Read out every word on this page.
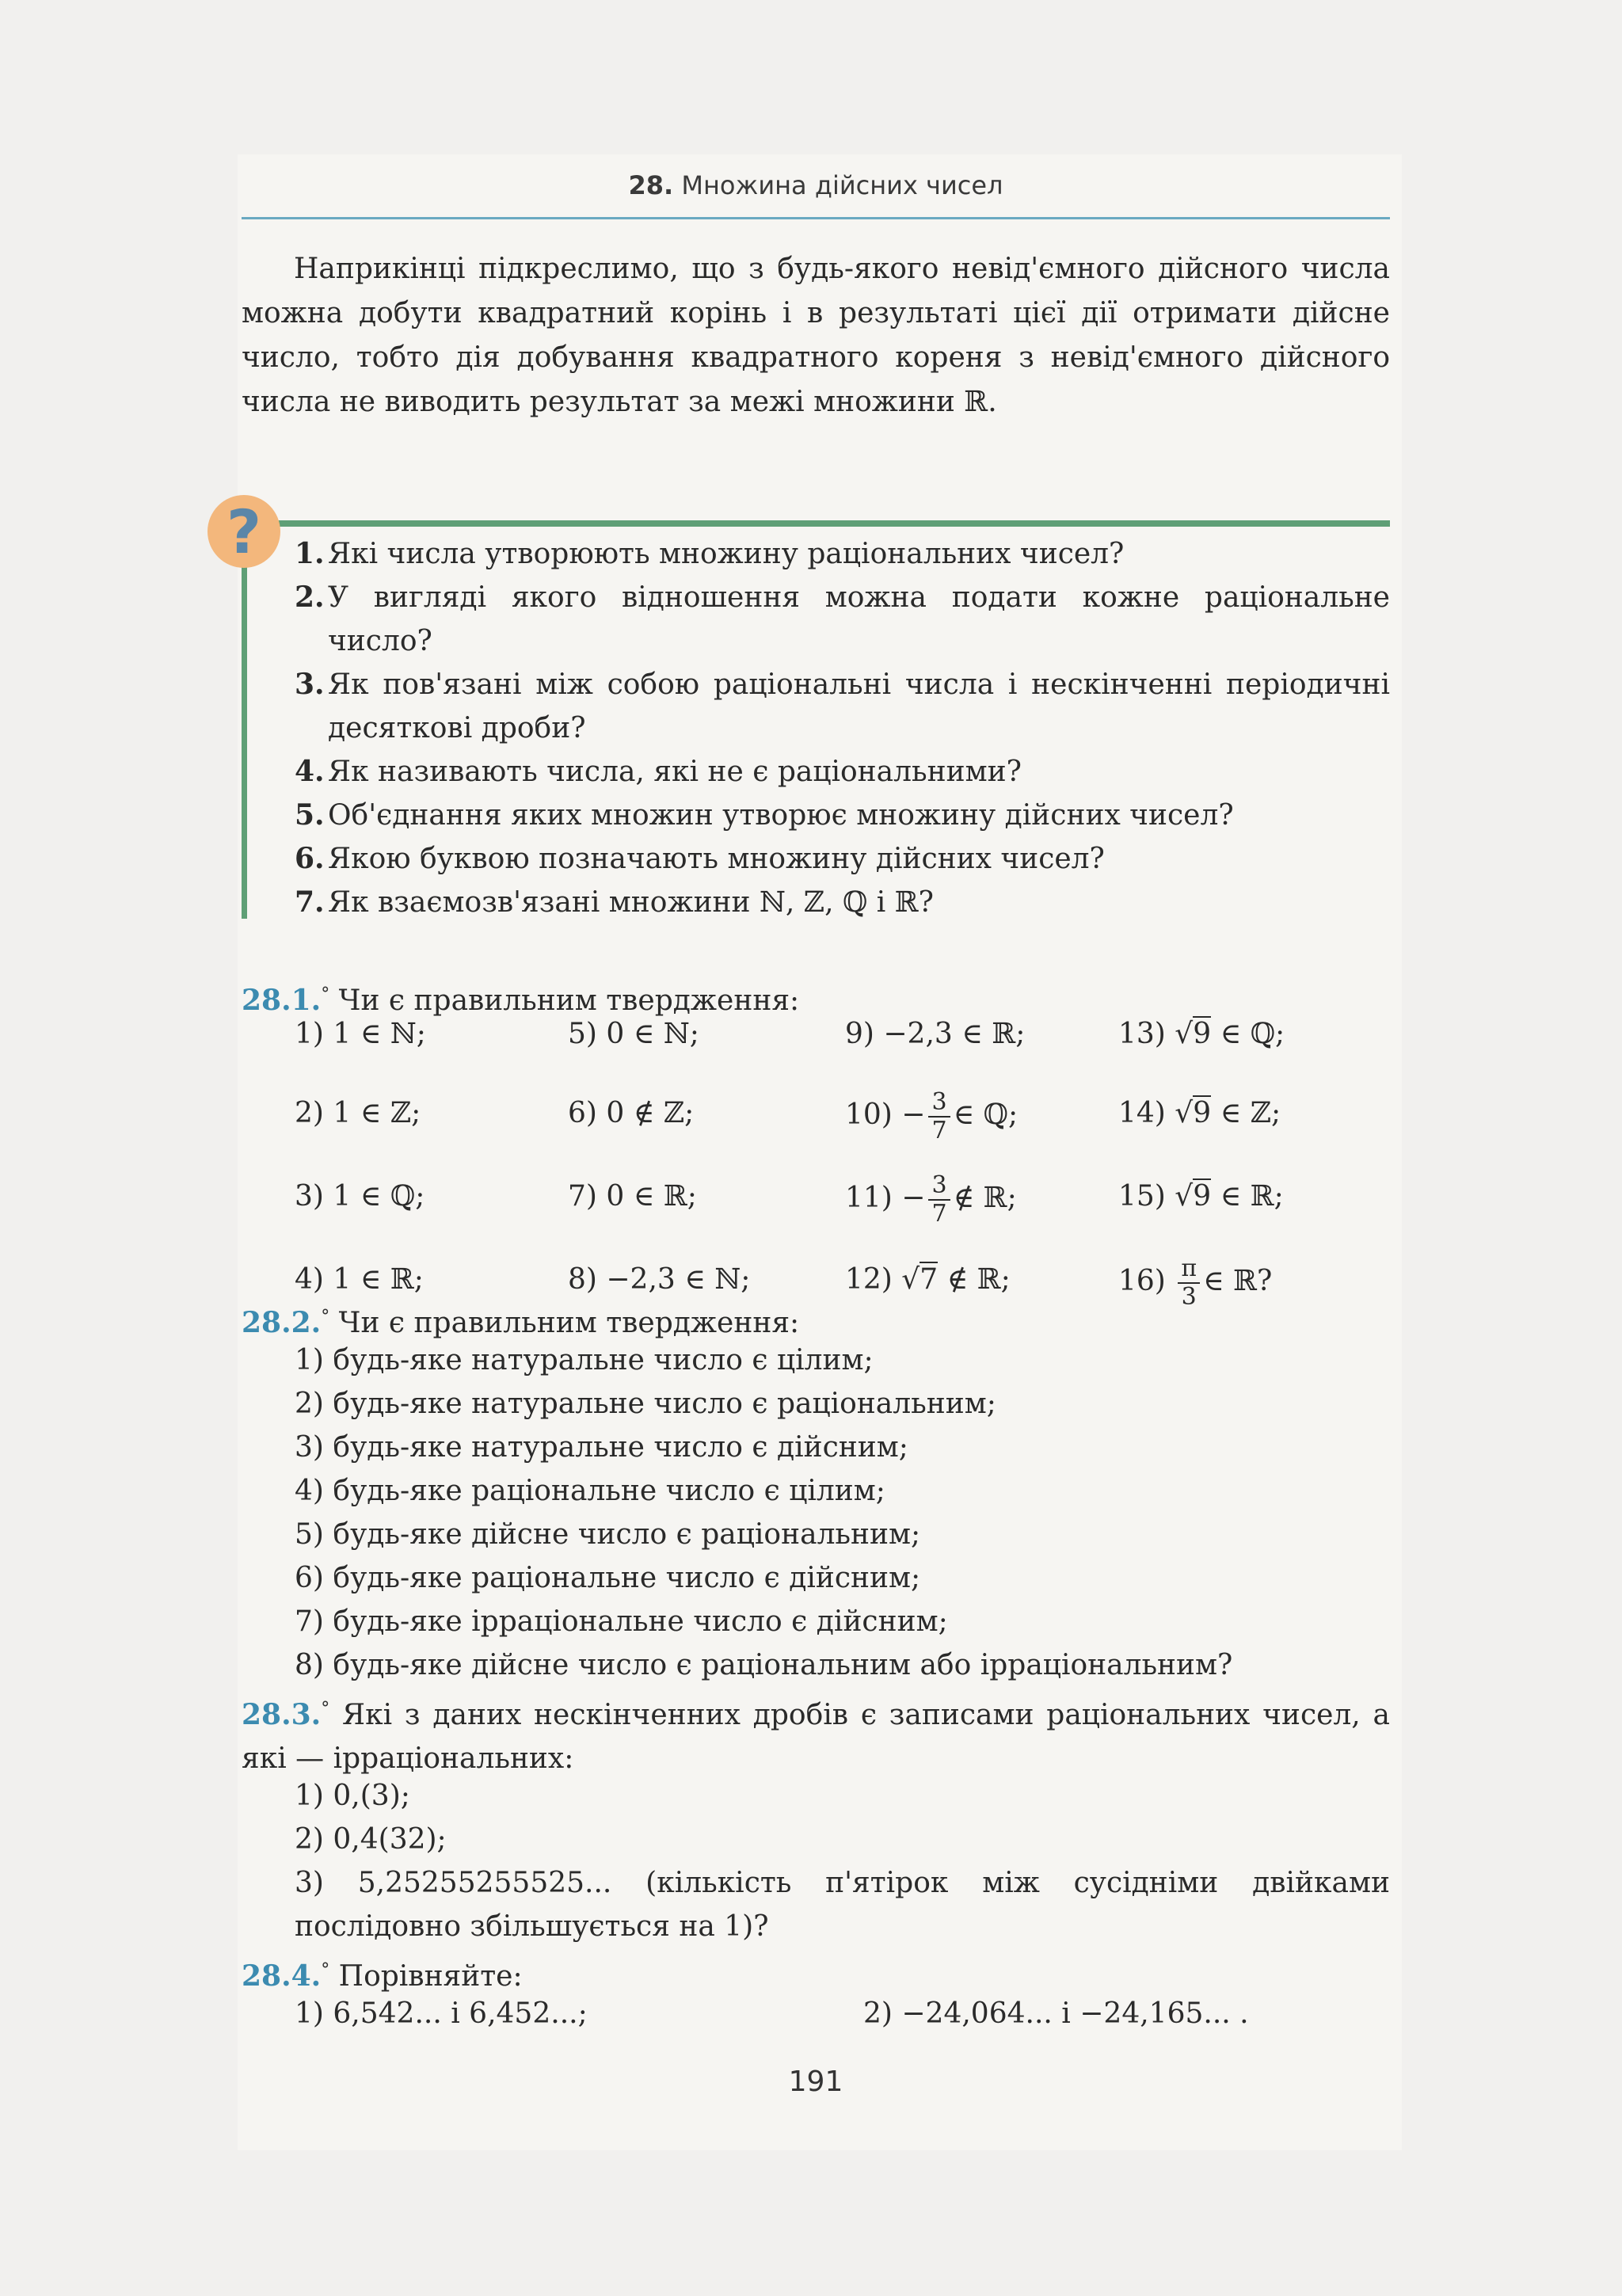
28. Множина дійсних чисел
Наприкінці підкреслимо, що з будь-якого невід'ємного дійсного числа можна добути квадратний корінь і в результаті цієї дії отримати дійсне число, тобто дія добування квадратного кореня з невід'ємного дійсного числа не виводить результат за межі множини ℝ.
?	1. Які числа утворюють множину раціональних чисел?
2. У вигляді якого відношення можна подати кожне раціональне число?
3. Як пов'язані між собою раціональні числа і нескінченні періодичні десяткові дроби?
4. Як називають числа, які не є раціональними?
5. Об'єднання яких множин утворює множину дійсних чисел?
6. Якою буквою позначають множину дійсних чисел?
7. Як взаємозв'язані множини ℕ, ℤ, ℚ і ℝ?
28.1.° Чи є правильним твердження:
1) 1 ∈ ℕ;	5) 0 ∈ ℕ;	9) −2,3 ∈ ℝ;	13) √9 ∈ ℚ;
2) 1 ∈ ℤ;	6) 0 ∉ ℤ;	$10) - \frac{3}{7}$ ∈ ℚ;	14) √9 ∈ ℤ;
3) 1 ∈ ℚ;	7) 0 ∈ ℝ;	$11) - \frac{3}{7}$ ∉ ℝ;	15) √9 ∈ ℝ;
4) 1 ∈ ℝ;	8) −2,3 ∈ ℕ;	12) √7 ∉ ℝ;	$16) \frac{\pi}{3}$ ∈ ℝ?
28.2.° Чи є правильним твердження:
1) будь-яке натуральне число є цілим;
2) будь-яке натуральне число є раціональним;
3) будь-яке натуральне число є дійсним;
4) будь-яке раціональне число є цілим;
5) будь-яке дійсне число є раціональним;
6) будь-яке раціональне число є дійсним;
7) будь-яке ірраціональне число є дійсним;
8) будь-яке дійсне число є раціональним або ірраціональним?
28.3.° Які з даних нескінченних дробів є записами раціональних чисел, а які — ірраціональних:
1) 0,(3);
2) 0,4(32);
3) 5,25255255525... (кількість п'ятірок між сусідніми двійками послідовно збільшується на 1)?
28.4.° Порівняйте:
1) 6,542... і 6,452...;	2) −24,064... і −24,165... .
191
